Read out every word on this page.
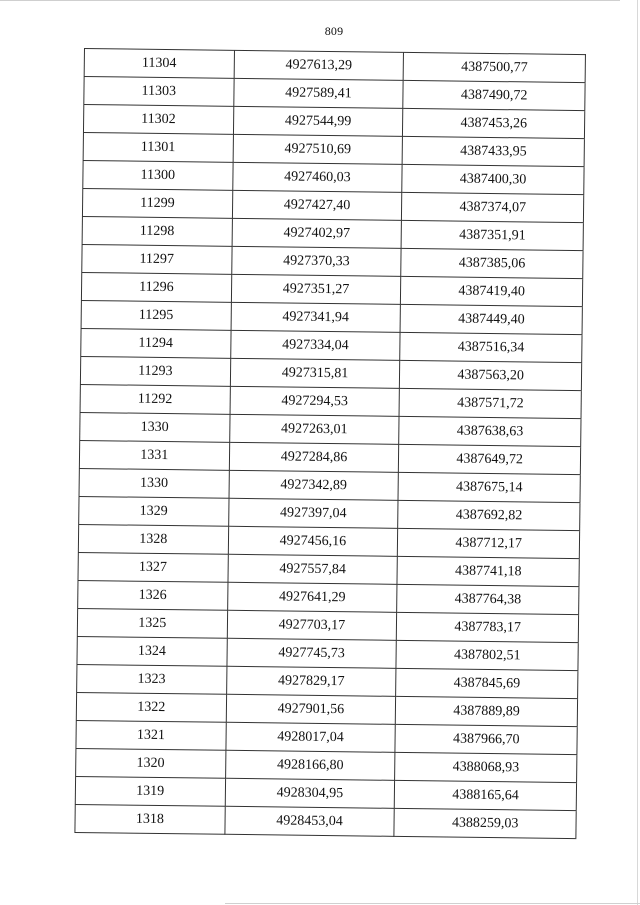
809
11304	4927613,29	4387500,77
11303	4927589,41	4387490,72
11302	4927544,99	4387453,26
11301	4927510,69	4387433,95
11300	4927460,03	4387400,30
11299	4927427,40	4387374,07
11298	4927402,97	4387351,91
11297	4927370,33	4387385,06
11296	4927351,27	4387419,40
11295	4927341,94	4387449,40
11294	4927334,04	4387516,34
11293	4927315,81	4387563,20
11292	4927294,53	4387571,72
1330	4927263,01	4387638,63
1331	4927284,86	4387649,72
1330	4927342,89	4387675,14
1329	4927397,04	4387692,82
1328	4927456,16	4387712,17
1327	4927557,84	4387741,18
1326	4927641,29	4387764,38
1325	4927703,17	4387783,17
1324	4927745,73	4387802,51
1323	4927829,17	4387845,69
1322	4927901,56	4387889,89
1321	4928017,04	4387966,70
1320	4928166,80	4388068,93
1319	4928304,95	4388165,64
1318	4928453,04	4388259,03
